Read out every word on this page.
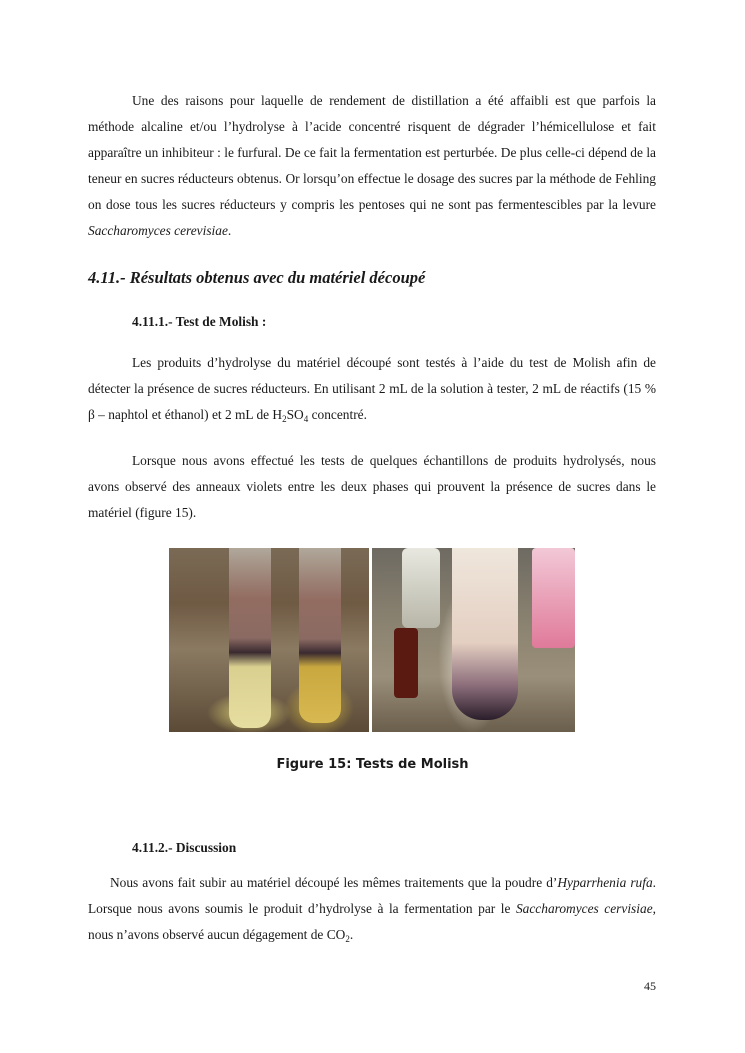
Une des raisons pour laquelle de rendement de distillation a été affaibli est que parfois la méthode alcaline et/ou l’hydrolyse à l’acide concentré risquent de dégrader l’hémicellulose et fait apparaître un inhibiteur : le furfural. De ce fait la fermentation est perturbée. De plus celle-ci dépend de la teneur en sucres réducteurs obtenus. Or lorsqu’on effectue le dosage des sucres par la méthode de Fehling on dose tous les sucres réducteurs y compris les pentoses qui ne sont pas fermentescibles par la levure Saccharomyces cerevisiae.

4.11.- Résultats obtenus avec du matériel découpé
4.11.1.- Test de Molish :

Les produits d’hydrolyse du matériel découpé sont testés à l’aide du test de Molish afin de détecter la présence de sucres réducteurs. En utilisant 2 mL de la solution à tester, 2 mL de réactifs (15 % β – naphtol et éthanol) et 2 mL de $H_2SO_4$ concentré.

Lorsque nous avons effectué les tests de quelques échantillons de produits hydrolysés, nous avons observé des anneaux violets entre les deux phases qui prouvent la présence de sucres dans le matériel (figure 15).

Figure 15: Tests de Molish

4.11.2.- Discussion

Nous avons fait subir au matériel découpé les mêmes traitements que la poudre d’Hyparrhenia rufa. Lorsque nous avons soumis le produit d’hydrolyse à la fermentation par le Saccharomyces cervisiae, nous n’avons observé aucun dégagement de $CO_2$.

45
